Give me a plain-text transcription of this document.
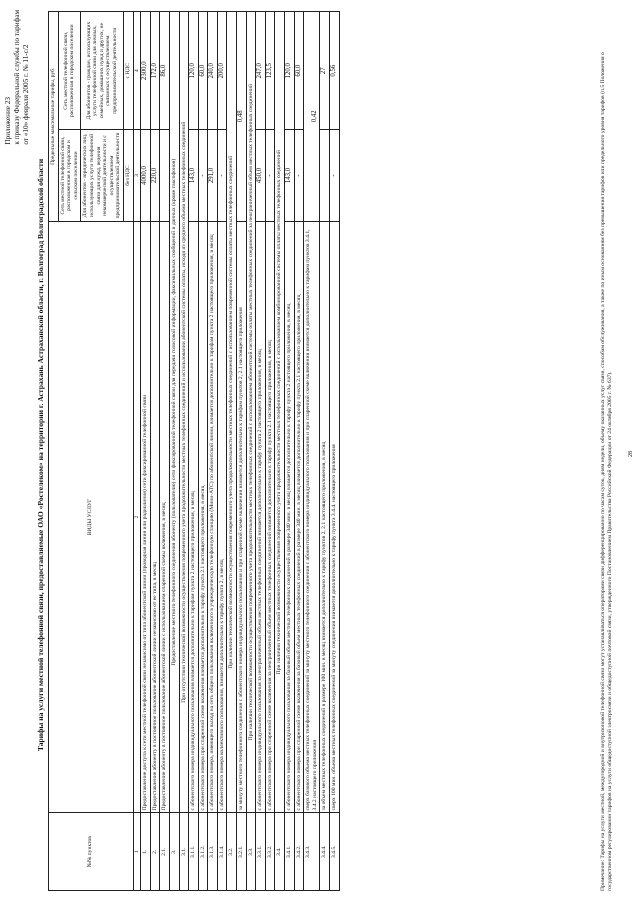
Приложение 23 к приказу Федеральной службы по тарифам от «10» февраля 2005 г. № 11-с/2
Тарифы на услуги местной телефонной связи, предоставляемые ОАО «Ростелеком» на территории г. Астрахань Астраханской области, г. Волгоград Волгоградской области
№№ пунктов	ВИДЫ УСЛУГ	Предельные максимальные тарифы, руб.	
		Сеть местной телефонной связи, расположенная в городском и сельском поселении	Сеть местной телефонной связи, расположенная в городском поселении
		Для абонентов - юридических лиц, использующих услуги телефонной связи для нужд, ведения некоммерческой деятельности и с осуществлением предпринимательской деятельности	Для абонентов - граждан, использующих услуги телефонной связи для личных, семейных, домашних нужд и других, не связанных с осуществлением предпринимательской деятельности
		без НДС	с НДС
1	2	3	4
1.	Предоставление доступа к сети местной телефонной связи независимо от типа абонентской линии (проводная линия или радиолиния) сети фиксированной телефонной связи	4000,0	2300,0
2.	Предоставление абоненту в постоянное пользование абонентской линии независимо от ее типа, в месяц	220,0	172,0
2.1.	Предоставление абоненту в постоянное пользование абонентской линии с использованием спаренной схемы включения, в месяц		86,0
3.	Предоставление местного телефонного соединения абоненту (пользователю) сети фиксированной телефонной связи для передачи голосовой информации, факсимильных сообщений и данных (кроме таксофонов)		
3.1.	При отсутствии технической возможности осуществления повременного учета продолжительности местных телефонных соединений и использовании абонентской системы оплаты, исходя из среднего объема местных телефонных соединений		
3.1.1.	с абонентского номера индивидуального пользования взимается дополнительно к тарифам пункта 2 настоящего приложения, в месяц	143,0	120,0
3.1.2.	с абонентского номера при спаренной схеме включения взимается дополнительно к тарифу пункта 2.1 настоящего приложения, в месяц	-	60,0
3.1.3.	с абонентского номера, имеющего выход на сеть общего пользования включенного в учрежденческую телефонную станцию (Мини-АТС) по абонентской линии, взимается дополнительно к тарифам пункта 2 настоящего приложения, в месяц	291,0	240,0
3.1.4.	с абонентского номера коллективного пользования, взимается дополнительно к тарифу пункта 2, в месяц	-	200,0
3.2.	При наличии технической возможности осуществления повременного учета продолжительности местных телефонных соединений с использованием повременной системы оплаты местных телефонных соединений		
3.2.1.	за минуту местного телефонного соединения с абонентского номера индивидуального пользования и при спаренной схеме включения взимается дополнительно к тарифам пунктов 2, 2.1 настоящего приложения	0,48	
3.3.	При наличии технической возможности осуществления повременного учета продолжительности местных телефонных соединений с использованием абонентской системы оплаты местных телефонных соединений за неограниченный объем местных телефонных соединений		
3.3.1.	с абонентского номера индивидуального пользования за неограниченный объем местных телефонных соединений взимается дополнительно к тарифу пункта 2 настоящего приложения, в месяц	450,0	247,0
3.3.2.	с абонентского номера при спаренной схеме включения за неограниченный объем местных телефонных соединений взимается дополнительно к тарифу пункта 2.1 настоящего приложения, в месяц	-	123,5
3.4.	При наличии технической возможности осуществления повременного учета продолжительности местных телефонных соединений с использованием комбинированной системы оплаты местных телефонных соединений		
3.4.1.	с абонентского номера индивидуального пользования за базовый объем местных телефонных соединений в размере 340 мин. в месяц взимается дополнительно к тарифу пункта 2 настоящего приложения, в месяц	143,0	120,0
3.4.2.	с абонентского номера при спаренной схеме включения за базовый объем местных телефонных соединений в размере 340 мин. в месяц взимается дополнительно к тарифу пункта 2.1 настоящего приложения, в месяц	-	60,0
3.4.3.	сверх базового объема местных телефонных соединений за минуту местного телефонного соединения с абонентского номера индивидуального пользования и при спаренной схеме включения взимается дополнительно к тарифам пунктов 3.4.1, 3.4.2 настоящего приложения	0,42	
3.4.4.	за объем местных телефонных соединений в размере 100 мин. в месяц взимается дополнительно к тарифу пунктов 2, 2.1 настоящего приложения, в месяц		27
3.4.5.	сверх 100 мин. объема местных телефонных соединений за минуту соединения взимается дополнительно к тарифу пункта 3.4.4. настоящего приложения	-	0,56	Примечание: Тарифы на услуги местной, междугородной и внутризоновой телефонной связи могут устанавливаться операторами связи дифференцированно по часам суток, дням недели, объему оказанных услуг связи, способам обслуживания, а также по иным основаниям без превышения тарифов или предельного уровня тарифов (п.5 Положения о государственном регулировании тарифов на услуги общедоступной электросвязи и общедоступной почтовой связи, утвержденного Постановлением Правительства Российской Федерации от 24 октября 2005 г. № 637).	28
